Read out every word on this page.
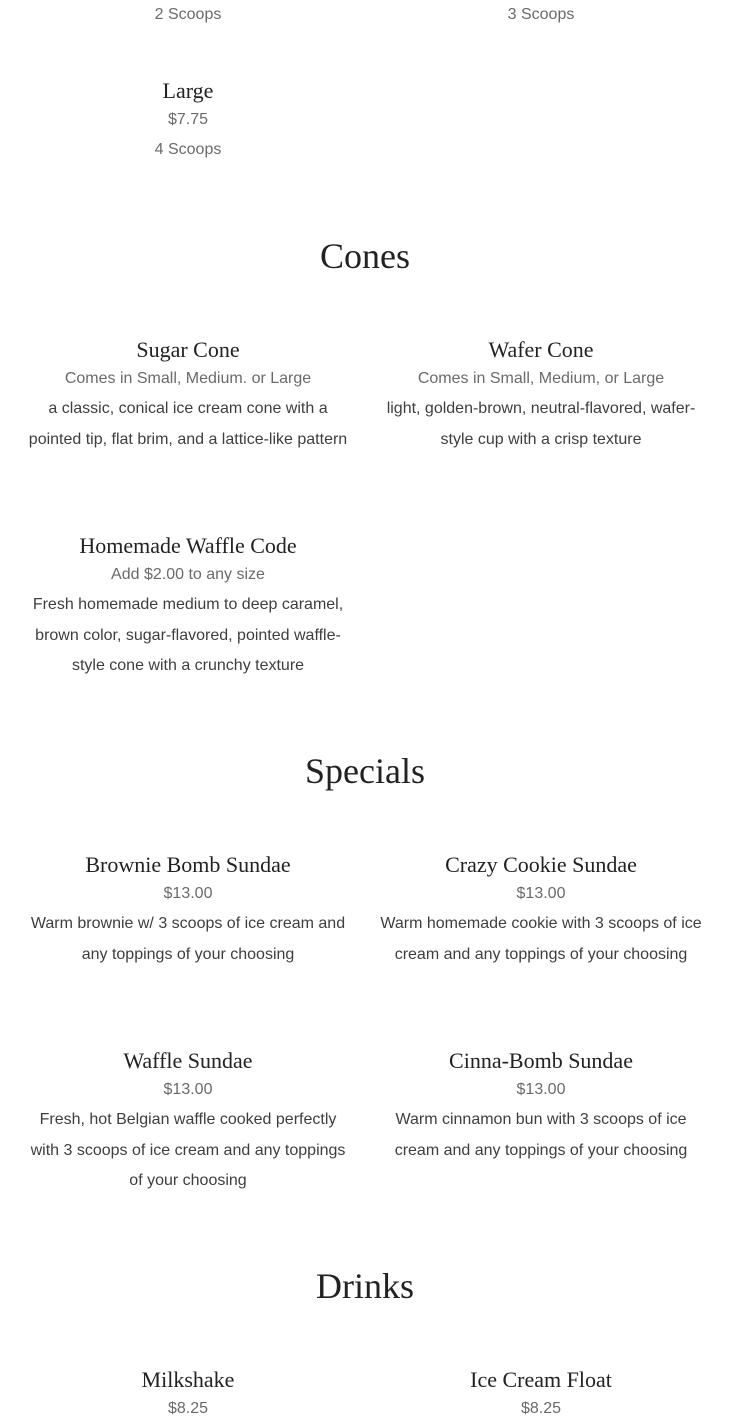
2 Scoops	3 Scoops
Large
$7.75
4 Scoops
Cones
Sugar Cone
Comes in Small, Medium. or Large
a classic, conical ice cream cone with a pointed tip, flat brim, and a lattice-like pattern
Wafer Cone
Comes in Small, Medium, or Large
light, golden-brown, neutral-flavored, wafer-style cup with a crisp texture
Homemade Waffle Code
Add $2.00 to any size
Fresh homemade medium to deep caramel, brown color, sugar-flavored, pointed waffle-style cone with a crunchy texture
Specials
Brownie Bomb Sundae
$13.00
Warm brownie w/ 3 scoops of ice cream and any toppings of your choosing
Crazy Cookie Sundae
$13.00
Warm homemade cookie with 3 scoops of ice cream and any toppings of your choosing
Waffle Sundae
$13.00
Fresh, hot Belgian waffle cooked perfectly with 3 scoops of ice cream and any toppings of your choosing
Cinna-Bomb Sundae
$13.00
Warm cinnamon bun with 3 scoops of ice cream and any toppings of your choosing
Drinks
Milkshake
$8.25
Ice Cream Float
$8.25
